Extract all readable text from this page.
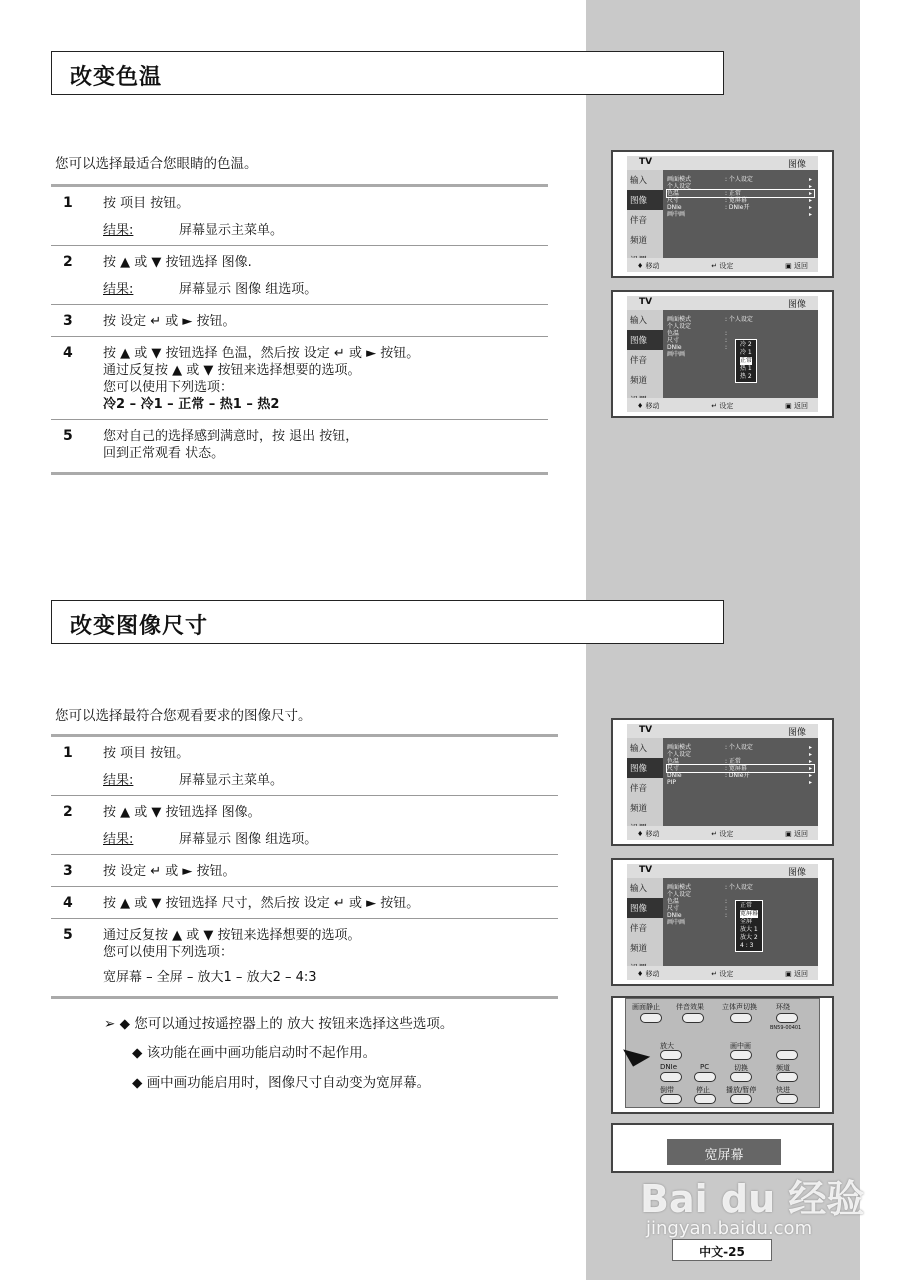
改变色温
您可以选择最适合您眼睛的色温。
1 按 项目 按钮。
结果:	屏幕显示主菜单。
2 按 ▲ 或 ▼ 按钮选择 图像.
结果:	屏幕显示 图像 组选项。
3 按 设定 ↵ 或 ► 按钮。
4 按 ▲ 或 ▼ 按钮选择 色温，然后按 设定 ↵ 或 ► 按钮。
通过反复按 ▲ 或 ▼ 按钮来选择想要的选项。
您可以使用下列选项：
冷2 – 冷1 – 正常 – 热1 – 热2
5 您对自己的选择感到满意时，按 退出 按钮，
回到正常观看 状态。
改变图像尺寸
您可以选择最符合您观看要求的图像尺寸。
1 按 项目 按钮。
结果:	屏幕显示主菜单。
2 按 ▲ 或 ▼ 按钮选择 图像。
结果:	屏幕显示 图像 组选项。
3 按 设定 ↵ 或 ► 按钮。
4 按 ▲ 或 ▼ 按钮选择 尺寸，然后按 设定 ↵ 或 ► 按钮。
5 通过反复按 ▲ 或 ▼ 按钮来选择想要的选项。
您可以使用下列选项：
宽屏幕 – 全屏 – 放大1 – 放大2 – 4:3
➢ ◆ 您可以通过按遥控器上的 放大 按钮来选择这些选项。
◆ 该功能在画中画功能启动时不起作用。
◆ 画中画功能启用时，图像尺寸自动变为宽屏幕。
TV	图像
输入
图像
伴音
频道
画面模式	: 个人设定	▸
个人设定	▸
色温	: 正常	▸
尺寸	: 宽屏幕	▸
DNIe	: DNIe开	▸
画中画	▸
♦ 移动	↵ 设定	▣ 返回
TV	图像
输入
图像
伴音
频道
画面模式	: 个人设定
个人设定
色温	:
尺寸	:
DNIe	:
画中画
冷 2
冷 1
正常
热 1
热 2
♦ 移动	↵ 设定	▣ 返回
TV	图像
输入
图像
伴音
频道
画面模式	: 个人设定	▸
个人设定	▸
色温	: 正常	▸
尺寸	: 宽屏幕	▸
DNIe	: DNIe开	▸
PIP	▸
♦ 移动	↵ 设定	▣ 返回
TV	图像
输入
图像
伴音
频道
画面模式	: 个人设定
个人设定
色温	:
尺寸	:
DNIe	:
画中画
正常
宽屏幕
全屏
放大 1
放大 2
4 : 3
♦ 移动	↵ 设定	▣ 返回
画面静止 伴音效果	立体声切换	环绕
BN59-00401
放大	画中画
DNIe	PC	切换	频道
倒带	停止 播放/暂停	快进
◣
宽屏幕
Bai du 经验
jingyan.baidu.com
中文-25
